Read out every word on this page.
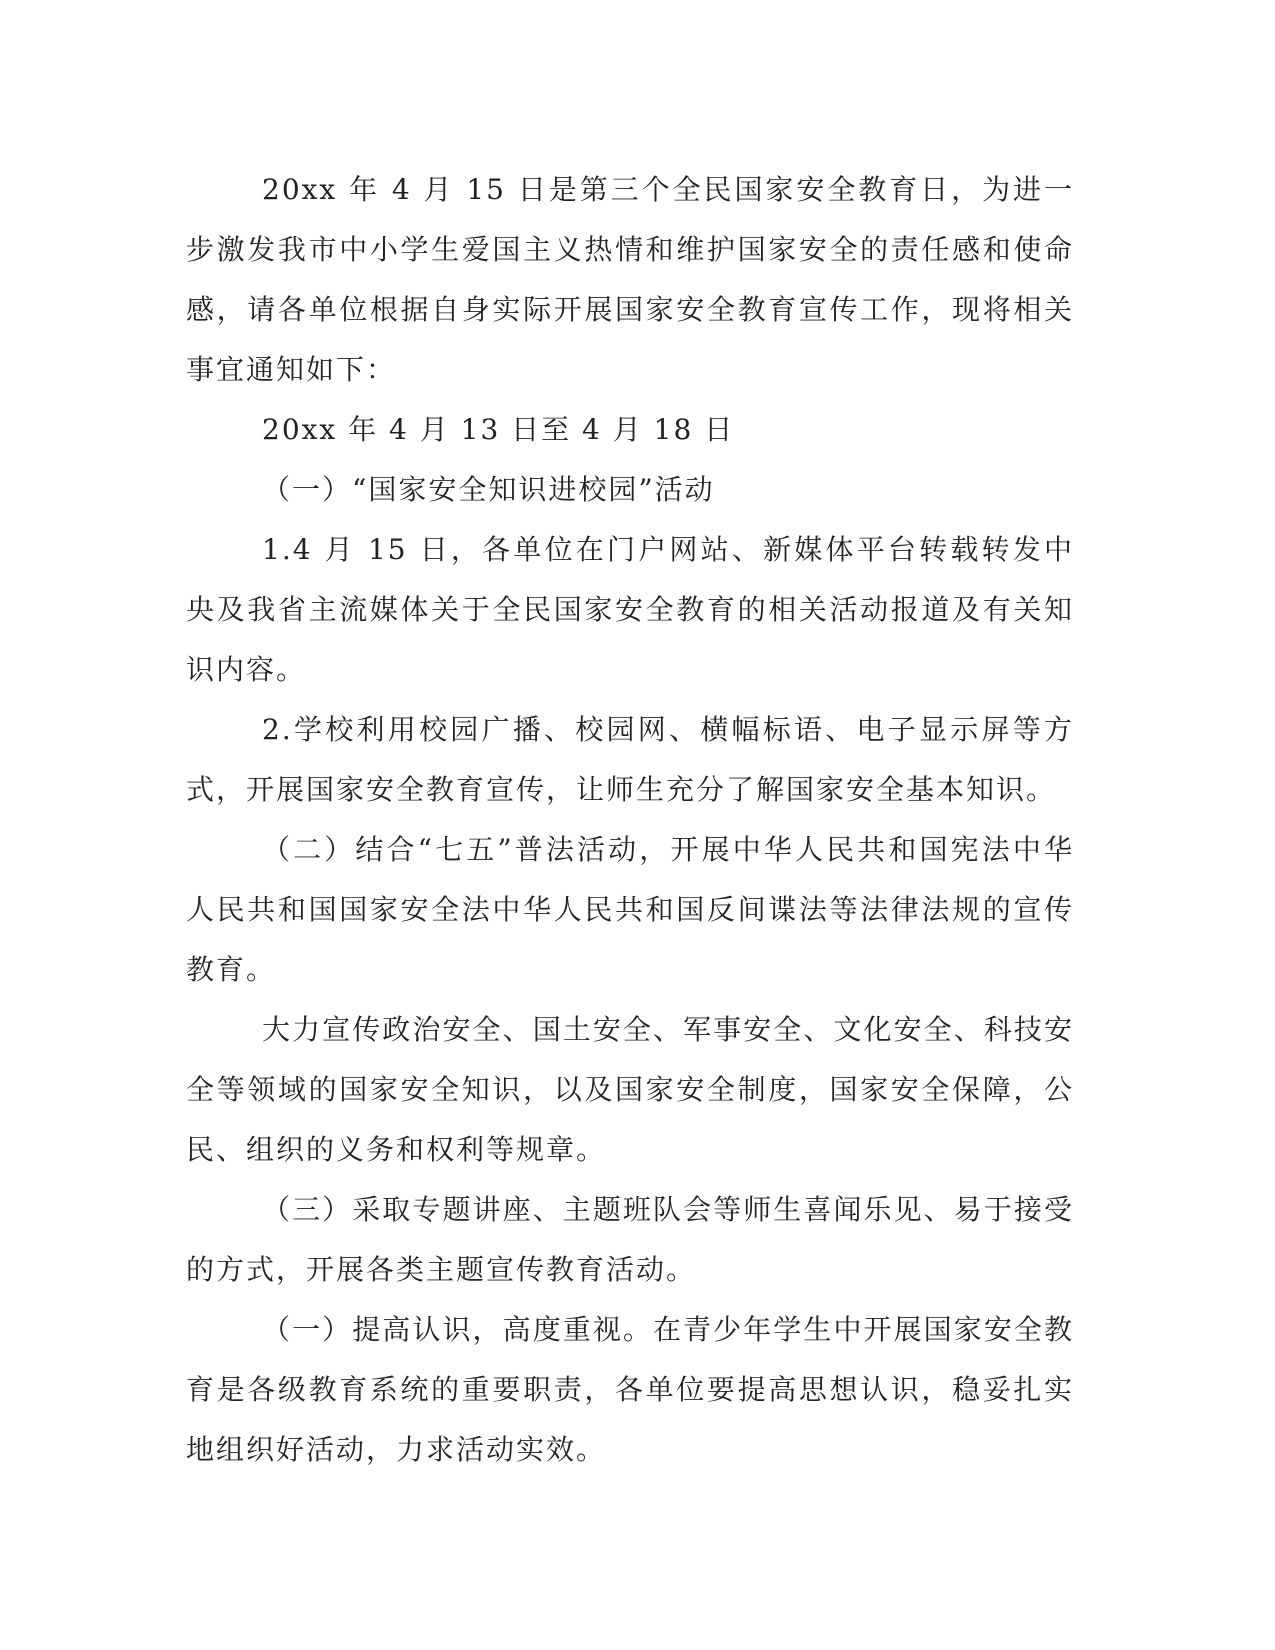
20xx 年 4 月 15 日是第三个全民国家安全教育日，为进一步激发我市中小学生爱国主义热情和维护国家安全的责任感和使命感，请各单位根据自身实际开展国家安全教育宣传工作，现将相关事宜通知如下：

20xx 年 4 月 13 日至 4 月 18 日

（一）“国家安全知识进校园”活动

1.4 月 15 日，各单位在门户网站、新媒体平台转载转发中央及我省主流媒体关于全民国家安全教育的相关活动报道及有关知识内容。

2.学校利用校园广播、校园网、横幅标语、电子显示屏等方式，开展国家安全教育宣传，让师生充分了解国家安全基本知识。

（二）结合“七五”普法活动，开展中华人民共和国宪法中华人民共和国国家安全法中华人民共和国反间谍法等法律法规的宣传教育。

大力宣传政治安全、国土安全、军事安全、文化安全、科技安全等领域的国家安全知识，以及国家安全制度，国家安全保障，公民、组织的义务和权利等规章。

（三）采取专题讲座、主题班队会等师生喜闻乐见、易于接受的方式，开展各类主题宣传教育活动。

（一）提高认识，高度重视。在青少年学生中开展国家安全教育是各级教育系统的重要职责，各单位要提高思想认识，稳妥扎实地组织好活动，力求活动实效。
